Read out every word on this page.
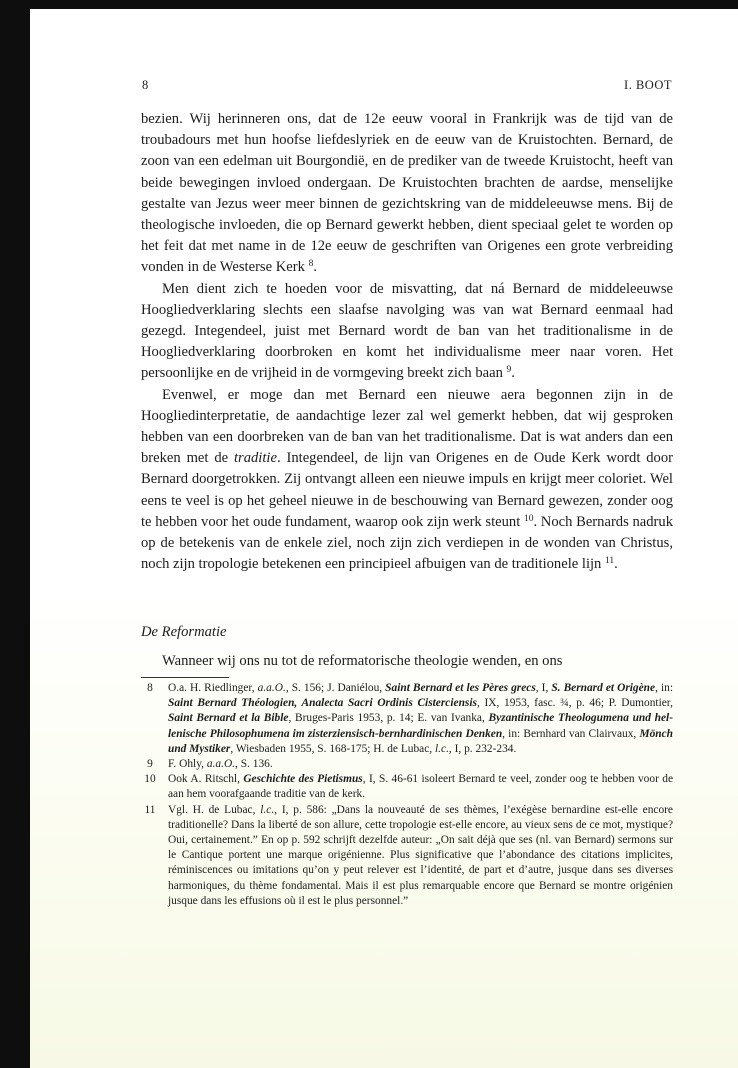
8	I. BOOT

bezien. Wij herinneren ons, dat de 12e eeuw vooral in Frankrijk was de tijd van de troubadours met hun hoofse liefdeslyriek en de eeuw van de Kruistochten. Bernard, de zoon van een edelman uit Bourgondië, en de prediker van de tweede Kruistocht, heeft van beide bewegingen invloed ondergaan. De Kruistochten brachten de aardse, menselijke gestalte van Jezus weer meer binnen de gezichtskring van de middeleeuwse mens. Bij de theologische invloeden, die op Bernard gewerkt hebben, dient speciaal gelet te worden op het feit dat met name in de 12e eeuw de geschriften van Origenes een grote verbreiding vonden in de Westerse Kerk $^8$.

Men dient zich te hoeden voor de misvatting, dat ná Bernard de middeleeuwse Hoogliedverklaring slechts een slaafse navolging was van wat Bernard eenmaal had gezegd. Integendeel, juist met Bernard wordt de ban van het traditionalisme in de Hoogliedverklaring doorbroken en komt het individualisme meer naar voren. Het persoonlijke en de vrijheid in de vormgeving breekt zich baan $^9$.

Evenwel, er moge dan met Bernard een nieuwe aera begonnen zijn in de Hoogliedinterpretatie, de aandachtige lezer zal wel gemerkt hebben, dat wij gesproken hebben van een doorbreken van de ban van het traditionalisme. Dat is wat anders dan een breken met de traditie. Integendeel, de lijn van Origenes en de Oude Kerk wordt door Bernard doorgetrokken. Zij ontvangt alleen een nieuwe impuls en krijgt meer coloriet. Wel eens te veel is op het geheel nieuwe in de beschouwing van Bernard gewezen, zonder oog te hebben voor het oude fundament, waarop ook zijn werk steunt $^{10}$. Noch Bernards nadruk op de betekenis van de enkele ziel, noch zijn zich verdiepen in de wonden van Christus, noch zijn tropologie betekenen een principieel afbuigen van de traditionele lijn $^{11}$.

De Reformatie
Wanneer wij ons nu tot de reformatorische theologie wenden, en ons
8	O.a. H. Riedlinger, a.a.O., S. 156; J. Daniélou, Saint Bernard et les Pères grecs, I, S. Bernard et Origène, in: Saint Bernard Théologien, Analecta Sacri Ordinis Cisterciensis, IX, 1953, fasc. ¾, p. 46; P. Dumontier, Saint Bernard et la Bible, Bruges-Paris 1953, p. 14; E. van Ivanka, Byzantinische Theologumena und hellenische Philosophumena im zisterziensisch-bernhardinischen Denken, in: Bernhard van Clairvaux, Mönch und Mystiker, Wiesbaden 1955, S. 168-175; H. de Lubac, l.c., I, p. 232-234.
9	F. Ohly, a.a.O., S. 136.
10 Ook A. Ritschl, Geschichte des Pietismus, I, S. 46-61 isoleert Bernard te veel, zonder oog te hebben voor de aan hem voorafgaande traditie van de kerk.
11	Vgl. H. de Lubac, l.c., I, p. 586: „Dans la nouveauté de ses thèmes, l’exégèse bernardine est-elle encore traditionelle? Dans la liberté de son allure, cette tropologie est-elle encore, au vieux sens de ce mot, mystique? Oui, certainement.” En op p. 592 schrijft dezelfde auteur: „On sait déjà que ses (nl. van Bernard) sermons sur le Cantique portent une marque origénienne. Plus significative que l’abondance des citations implicites, réminiscences ou imitations qu’on y peut relever est l’identité, de part et d’autre, jusque dans ses diverses harmoniques, du thème fondamental. Mais il est plus remarquable encore que Bernard se montre origénien jusque dans les effusions où il est le plus personnel.”
